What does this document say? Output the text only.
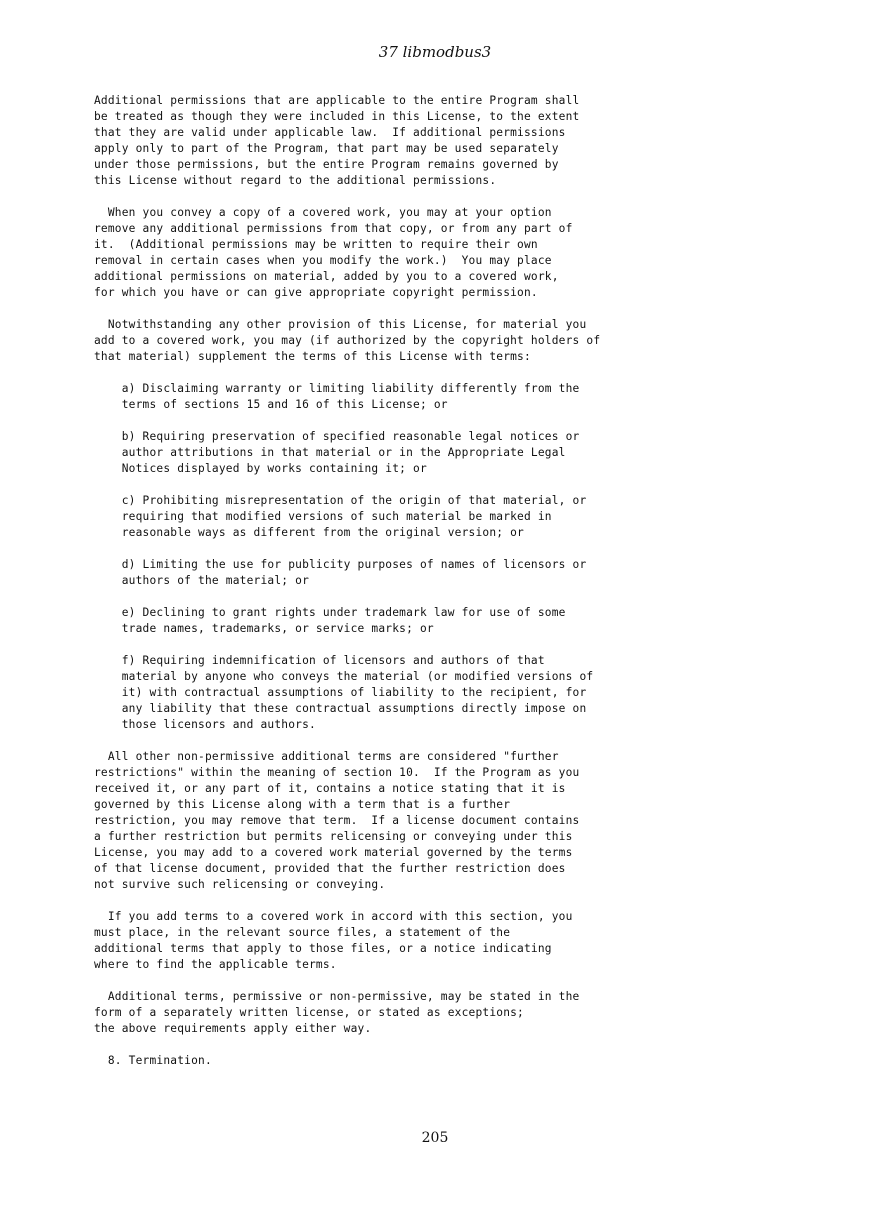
37 libmodbus3
Additional permissions that are applicable to the entire Program shall
be treated as though they were included in this License, to the extent
that they are valid under applicable law.  If additional permissions
apply only to part of the Program, that part may be used separately
under those permissions, but the entire Program remains governed by
this License without regard to the additional permissions.
When you convey a copy of a covered work, you may at your option
remove any additional permissions from that copy, or from any part of
it.  (Additional permissions may be written to require their own
removal in certain cases when you modify the work.)  You may place
additional permissions on material, added by you to a covered work,
for which you have or can give appropriate copyright permission.
Notwithstanding any other provision of this License, for material you
add to a covered work, you may (if authorized by the copyright holders of
that material) supplement the terms of this License with terms:
a) Disclaiming warranty or limiting liability differently from the
terms of sections 15 and 16 of this License; or
b) Requiring preservation of specified reasonable legal notices or
author attributions in that material or in the Appropriate Legal
Notices displayed by works containing it; or
c) Prohibiting misrepresentation of the origin of that material, or
requiring that modified versions of such material be marked in
reasonable ways as different from the original version; or
d) Limiting the use for publicity purposes of names of licensors or
authors of the material; or
e) Declining to grant rights under trademark law for use of some
trade names, trademarks, or service marks; or
f) Requiring indemnification of licensors and authors of that
material by anyone who conveys the material (or modified versions of
it) with contractual assumptions of liability to the recipient, for
any liability that these contractual assumptions directly impose on
those licensors and authors.
All other non-permissive additional terms are considered "further
restrictions" within the meaning of section 10.  If the Program as you
received it, or any part of it, contains a notice stating that it is
governed by this License along with a term that is a further
restriction, you may remove that term.  If a license document contains
a further restriction but permits relicensing or conveying under this
License, you may add to a covered work material governed by the terms
of that license document, provided that the further restriction does
not survive such relicensing or conveying.
If you add terms to a covered work in accord with this section, you
must place, in the relevant source files, a statement of the
additional terms that apply to those files, or a notice indicating
where to find the applicable terms.
Additional terms, permissive or non-permissive, may be stated in the
form of a separately written license, or stated as exceptions;
the above requirements apply either way.
8. Termination.
205
